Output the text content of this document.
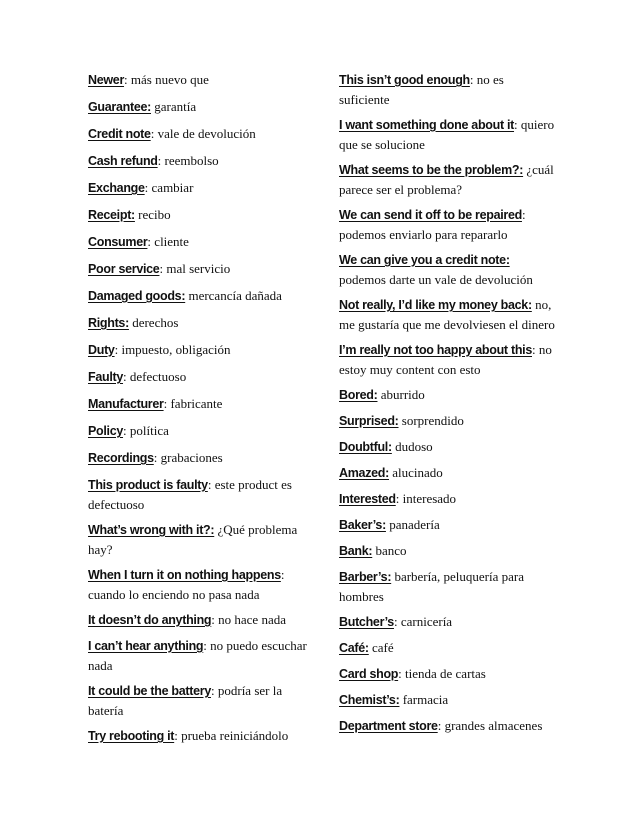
Newer: más nuevo que

Guarantee: garantía

Credit note: vale de devolución

Cash refund: reembolso

Exchange: cambiar

Receipt: recibo

Consumer: cliente

Poor service: mal servicio

Damaged goods: mercancía dañada

Rights: derechos

Duty: impuesto, obligación

Faulty: defectuoso

Manufacturer: fabricante

Policy: política

Recordings: grabaciones

This product is faulty: este product es defectuoso

What’s wrong with it?: ¿Qué problema hay?

When I turn it on nothing happens: cuando lo enciendo no pasa nada

It doesn’t do anything: no hace nada

I can’t hear anything: no puedo escuchar nada

It could be the battery: podría ser la batería

Try rebooting it: prueba reiniciándolo

This isn’t good enough: no es suficiente

I want something done about it: quiero que se solucione

What seems to be the problem?: ¿cuál parece ser el problema?

We can send it off to be repaired: podemos enviarlo para repararlo

We can give you a credit note: podemos darte un vale de devolución

Not really, I’d like my money back: no, me gustaría que me devolviesen el dinero

I’m really not too happy about this: no estoy muy content con esto

Bored: aburrido

Surprised: sorprendido

Doubtful: dudoso

Amazed: alucinado

Interested: interesado

Baker’s: panadería

Bank: banco

Barber’s: barbería, peluquería para hombres

Butcher’s: carnicería

Café: café

Card shop: tienda de cartas

Chemist’s: farmacia

Department store: grandes almacenes
